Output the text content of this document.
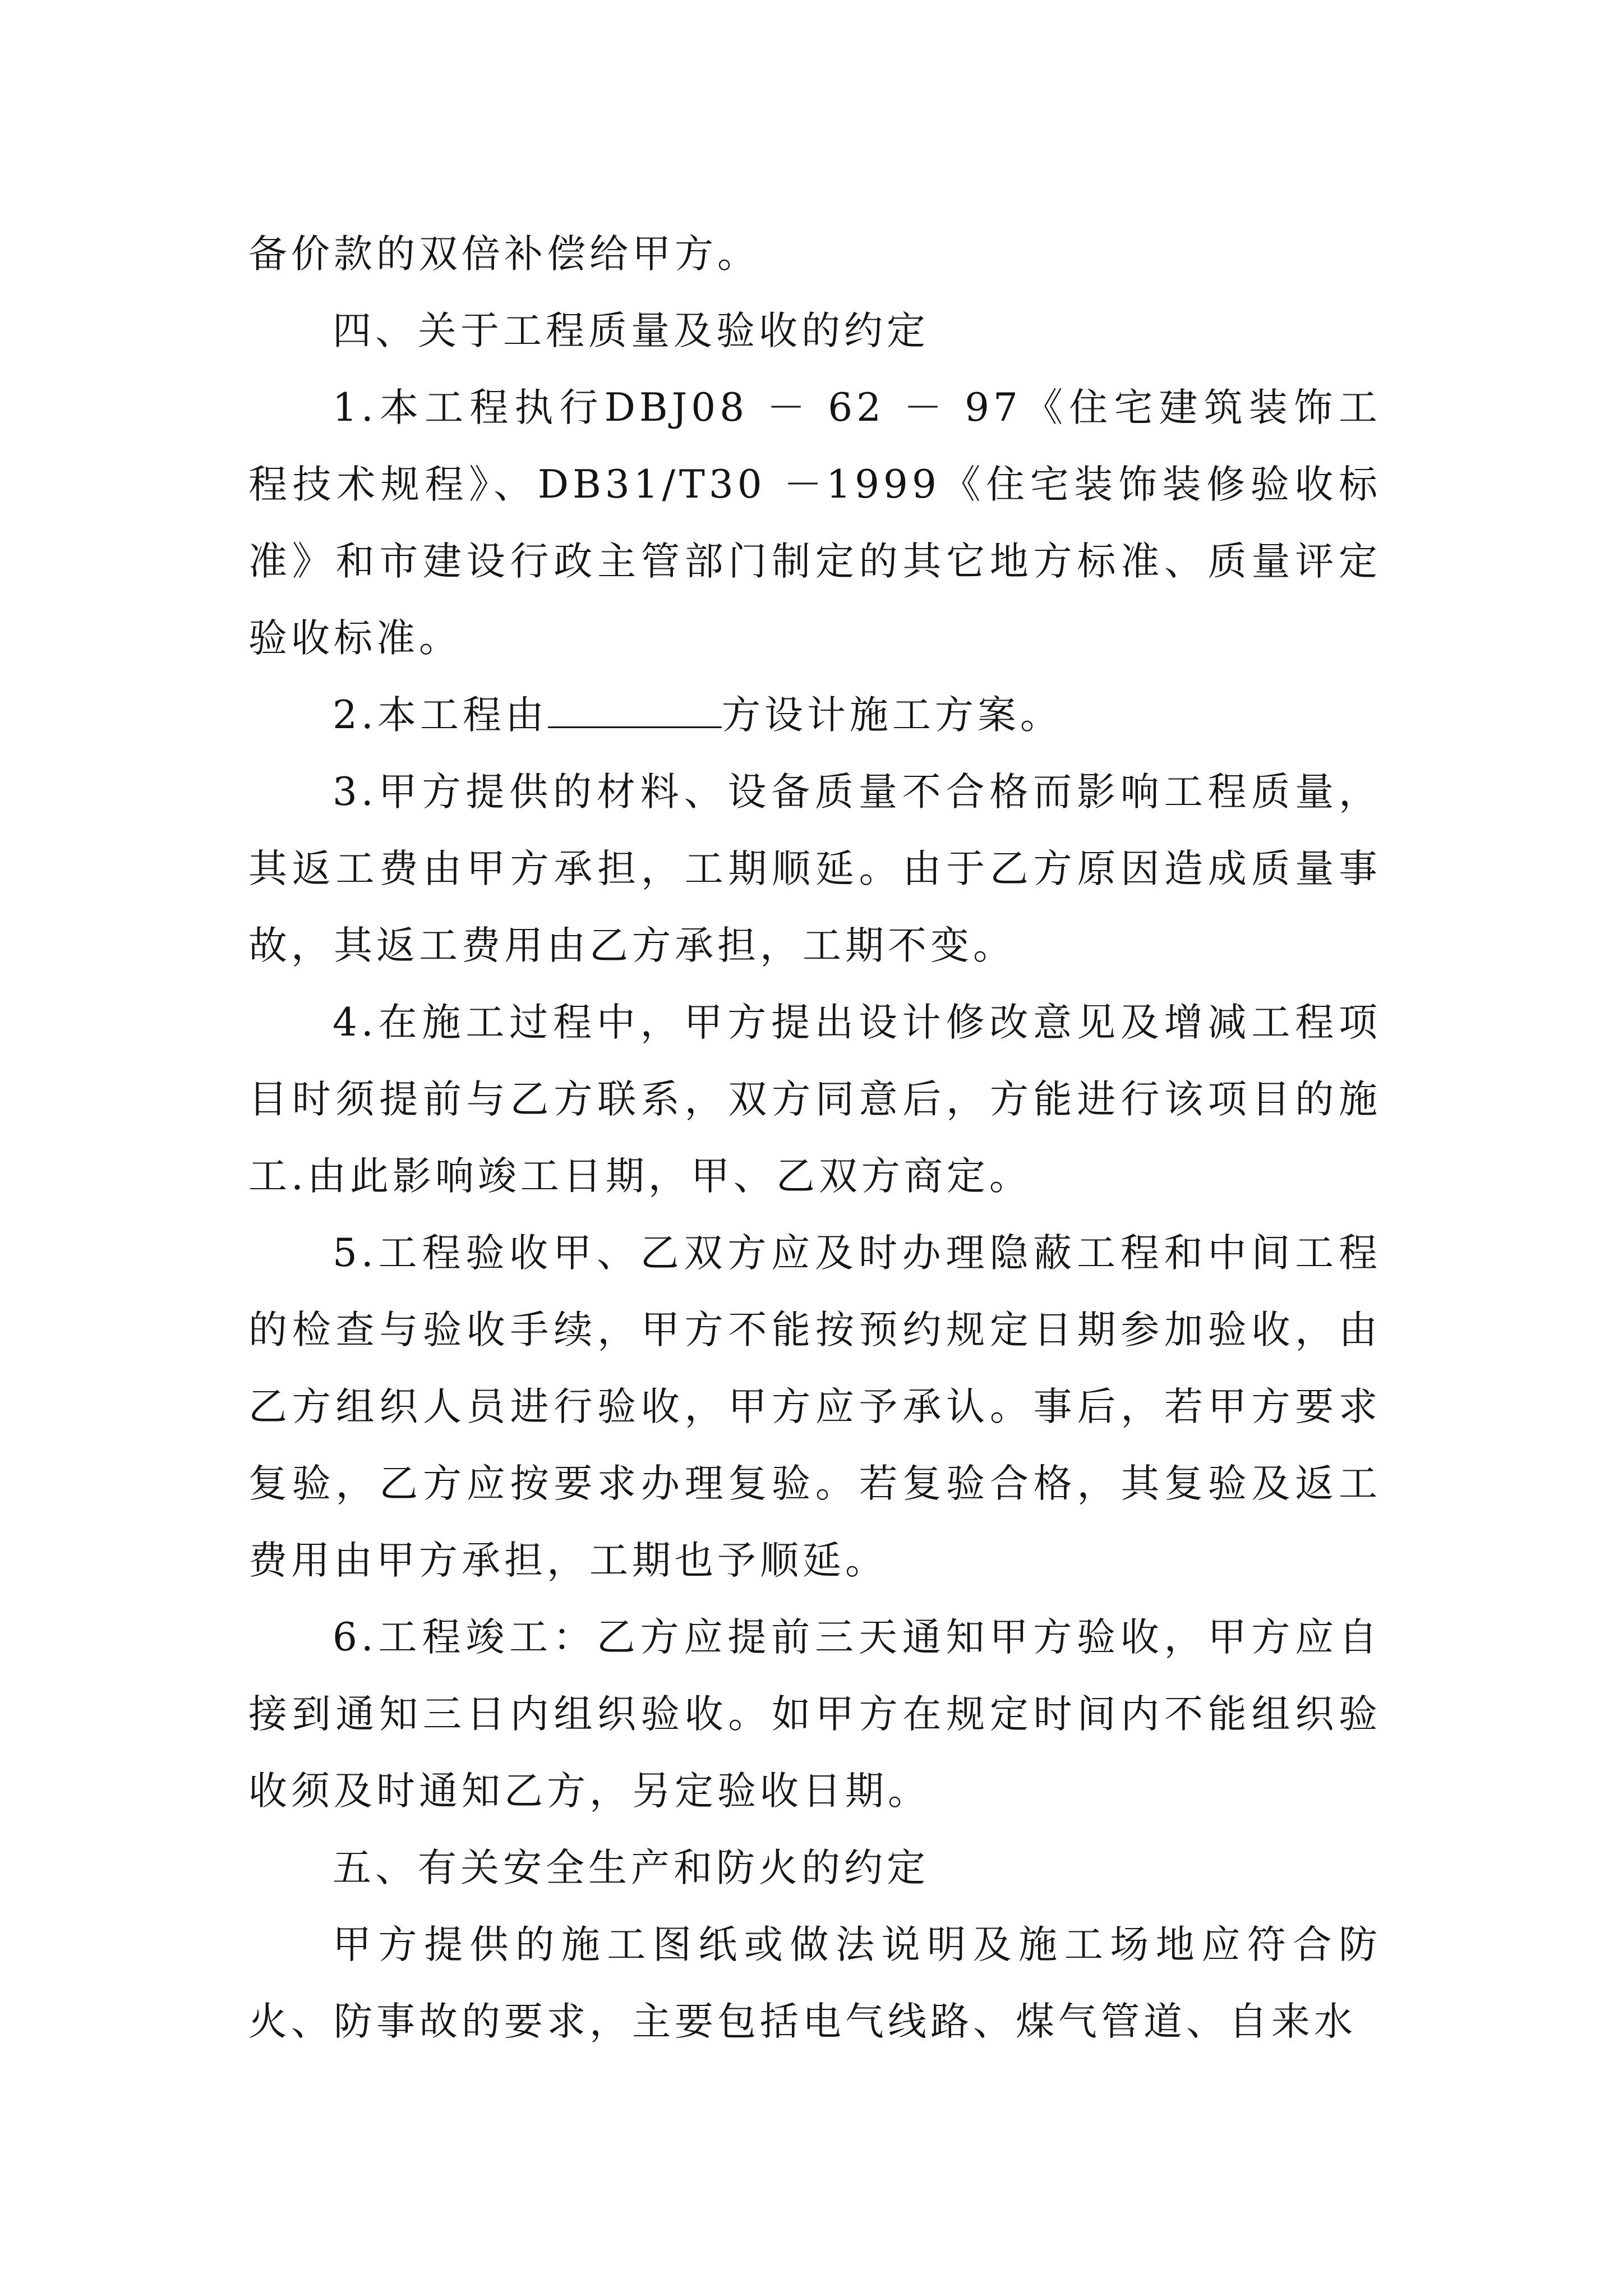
备价款的双倍补偿给甲方。

四、关于工程质量及验收的约定

1.本工程执行DBJ08 － 62 － 97《住宅建筑装饰工程技术规程》、DB31/T30 －1999《住宅装饰装修验收标准》和市建设行政主管部门制定的其它地方标准、质量评定验收标准。

2.本工程由	方设计施工方案。

3.甲方提供的材料、设备质量不合格而影响工程质量，其返工费由甲方承担，工期顺延。由于乙方原因造成质量事故，其返工费用由乙方承担，工期不变。

4.在施工过程中，甲方提出设计修改意见及增减工程项目时须提前与乙方联系，双方同意后，方能进行该项目的施工.由此影响竣工日期，甲、乙双方商定。

5.工程验收甲、乙双方应及时办理隐蔽工程和中间工程的检查与验收手续，甲方不能按预约规定日期参加验收，由乙方组织人员进行验收，甲方应予承认。事后，若甲方要求复验，乙方应按要求办理复验。若复验合格，其复验及返工费用由甲方承担，工期也予顺延。

6.工程竣工：乙方应提前三天通知甲方验收，甲方应自接到通知三日内组织验收。如甲方在规定时间内不能组织验收须及时通知乙方，另定验收日期。

五、有关安全生产和防火的约定

甲方提供的施工图纸或做法说明及施工场地应符合防火、防事故的要求，主要包括电气线路、煤气管道、自来水
